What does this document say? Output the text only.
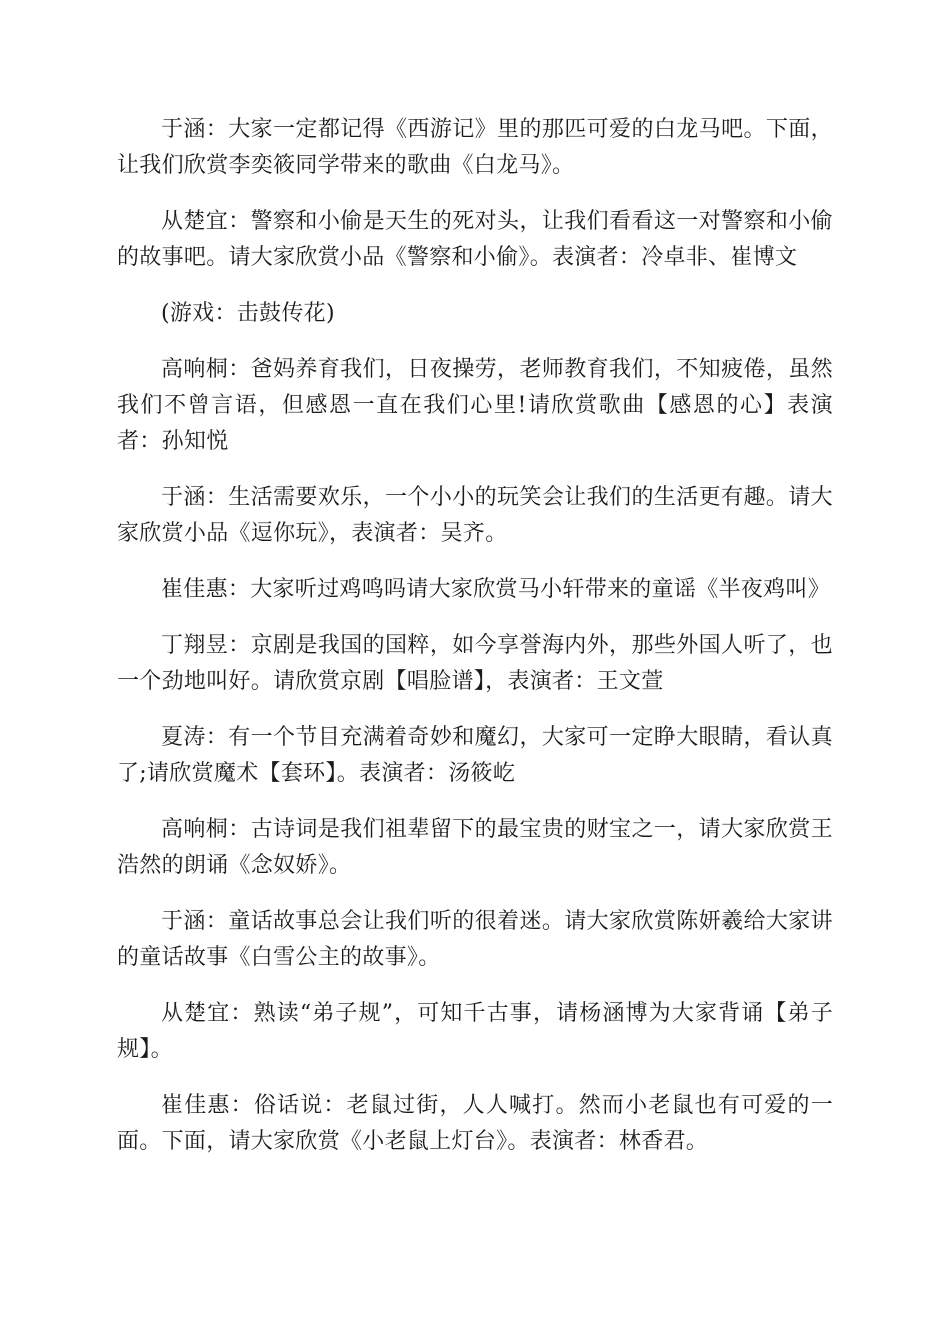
于涵：大家一定都记得《西游记》里的那匹可爱的白龙马吧。下面，让我们欣赏李奕筱同学带来的歌曲《白龙马》。

从楚宜：警察和小偷是天生的死对头，让我们看看这一对警察和小偷的故事吧。请大家欣赏小品《警察和小偷》。表演者：冷卓非、崔博文

(游戏：击鼓传花)

高响桐：爸妈养育我们，日夜操劳，老师教育我们，不知疲倦，虽然我们不曾言语，但感恩一直在我们心里!请欣赏歌曲【感恩的心】表演者：孙知悦

于涵：生活需要欢乐，一个小小的玩笑会让我们的生活更有趣。请大家欣赏小品《逗你玩》，表演者：吴齐。

崔佳惠：大家听过鸡鸣吗请大家欣赏马小轩带来的童谣《半夜鸡叫》

丁翔昱：京剧是我国的国粹，如今享誉海内外，那些外国人听了，也一个劲地叫好。请欣赏京剧【唱脸谱】，表演者：王文萱

夏涛：有一个节目充满着奇妙和魔幻，大家可一定睁大眼睛，看认真了;请欣赏魔术【套环】。表演者：汤筱屹

高响桐：古诗词是我们祖辈留下的最宝贵的财宝之一，请大家欣赏王浩然的朗诵《念奴娇》。

于涵：童话故事总会让我们听的很着迷。请大家欣赏陈妍羲给大家讲的童话故事《白雪公主的故事》。

从楚宜：熟读“弟子规”，可知千古事，请杨涵博为大家背诵【弟子规】。

崔佳惠：俗话说：老鼠过街，人人喊打。然而小老鼠也有可爱的一面。下面，请大家欣赏《小老鼠上灯台》。表演者：林香君。
